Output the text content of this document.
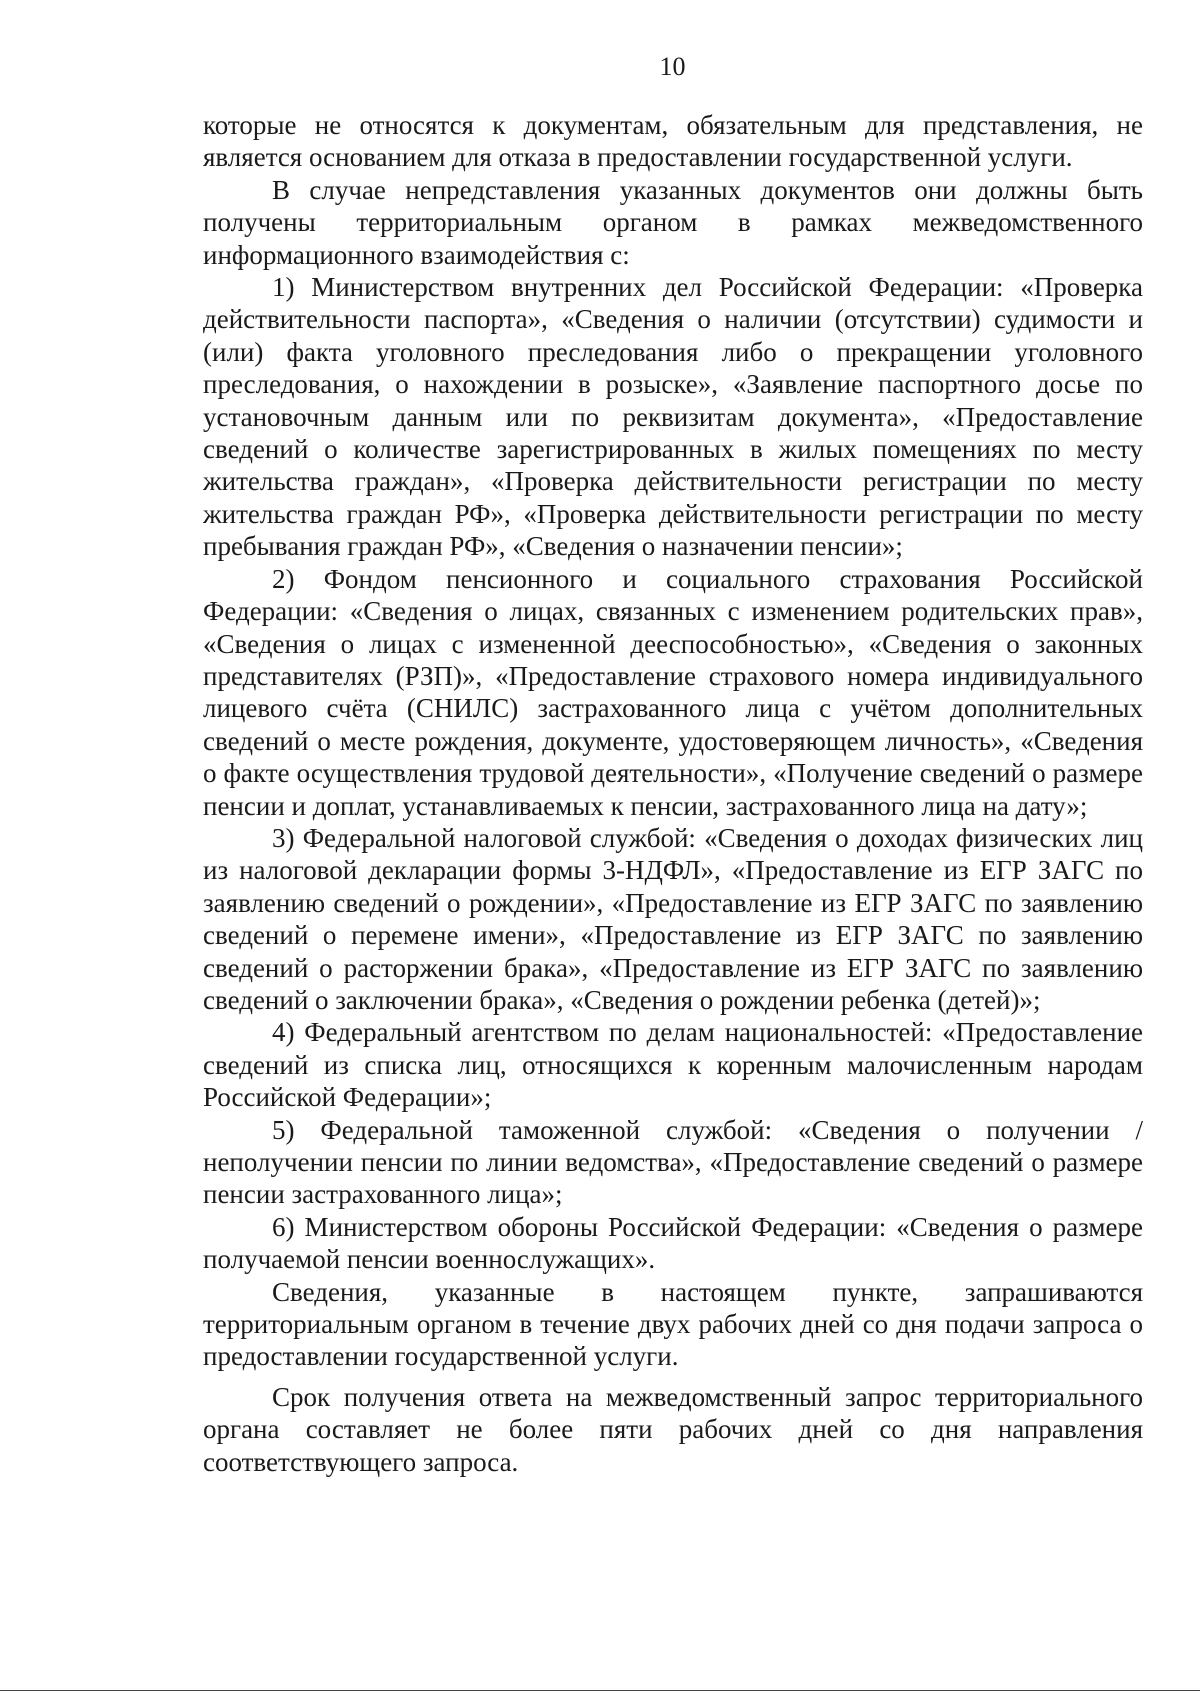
10

которые не относятся к документам, обязательным для представления, не является основанием для отказа в предоставлении государственной услуги.

В случае непредставления указанных документов они должны быть получены территориальным органом в рамках межведомственного информационного взаимодействия с:

1) Министерством внутренних дел Российской Федерации: «Проверка действительности паспорта», «Сведения о наличии (отсутствии) судимости и (или) факта уголовного преследования либо о прекращении уголовного преследования, о нахождении в розыске», «Заявление паспортного досье по установочным данным или по реквизитам документа», «Предоставление сведений о количестве зарегистрированных в жилых помещениях по месту жительства граждан», «Проверка действительности регистрации по месту жительства граждан РФ», «Проверка действительности регистрации по месту пребывания граждан РФ», «Сведения о назначении пенсии»;

2) Фондом пенсионного и социального страхования Российской Федерации: «Сведения о лицах, связанных с изменением родительских прав», «Сведения о лицах с измененной дееспособностью», «Сведения о законных представителях (РЗП)», «Предоставление страхового номера индивидуального лицевого счёта (СНИЛС) застрахованного лица с учётом дополнительных сведений о месте рождения, документе, удостоверяющем личность», «Сведения о факте осуществления трудовой деятельности», «Получение сведений о размере пенсии и доплат, устанавливаемых к пенсии, застрахованного лица на дату»;

3) Федеральной налоговой службой: «Сведения о доходах физических лиц из налоговой декларации формы 3-НДФЛ», «Предоставление из ЕГР ЗАГС по заявлению сведений о рождении», «Предоставление из ЕГР ЗАГС по заявлению сведений о перемене имени», «Предоставление из ЕГР ЗАГС по заявлению сведений о расторжении брака», «Предоставление из ЕГР ЗАГС по заявлению сведений о заключении брака», «Сведения о рождении ребенка (детей)»;

4) Федеральный агентством по делам национальностей: «Предоставление сведений из списка лиц, относящихся к коренным малочисленным народам Российской Федерации»;

5) Федеральной таможенной службой: «Сведения о получении / неполучении пенсии по линии ведомства», «Предоставление сведений о размере пенсии застрахованного лица»;

6) Министерством обороны Российской Федерации: «Сведения о размере получаемой пенсии военнослужащих».

Сведения, указанные в настоящем пункте, запрашиваются территориальным органом в течение двух рабочих дней со дня подачи запроса о предоставлении государственной услуги.

Срок получения ответа на межведомственный запрос территориального органа составляет не более пяти рабочих дней со дня направления соответствующего запроса.
